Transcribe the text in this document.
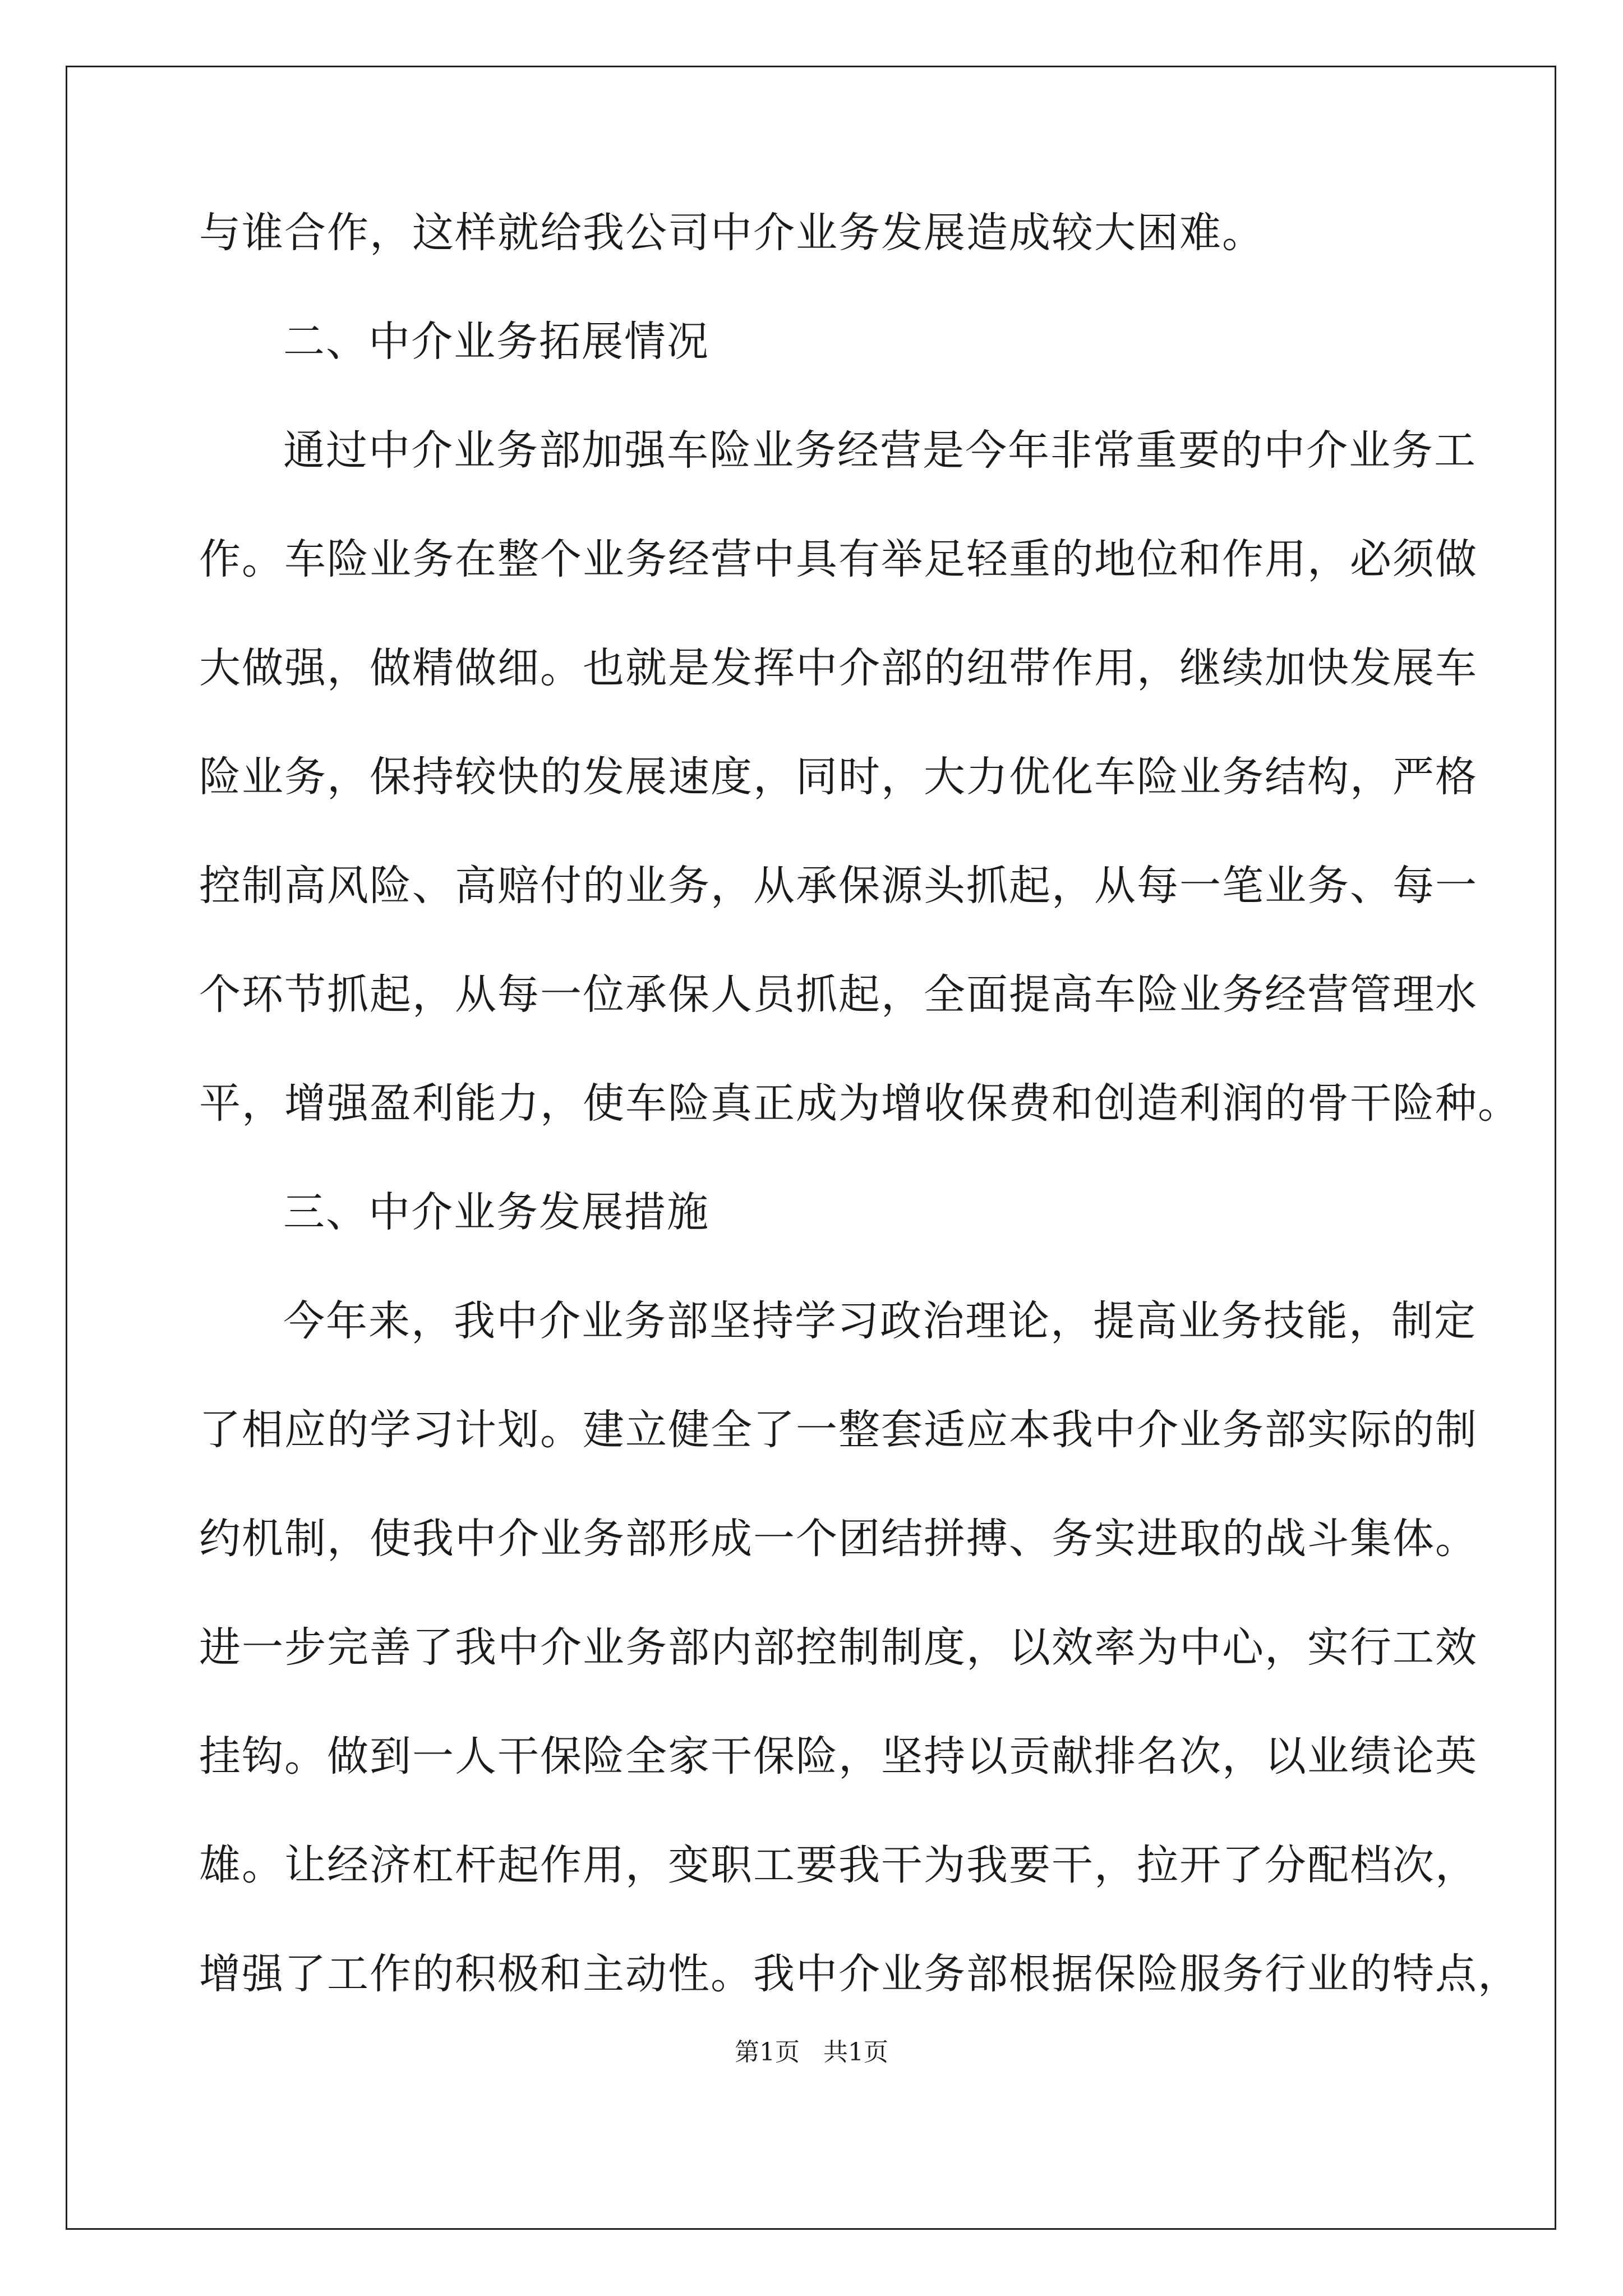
与谁合作，这样就给我公司中介业务发展造成较大困难。
二、中介业务拓展情况
通过中介业务部加强车险业务经营是今年非常重要的中介业务工
作。车险业务在整个业务经营中具有举足轻重的地位和作用，必须做
大做强，做精做细。也就是发挥中介部的纽带作用，继续加快发展车
险业务，保持较快的发展速度，同时，大力优化车险业务结构，严格
控制高风险、高赔付的业务，从承保源头抓起，从每一笔业务、每一
个环节抓起，从每一位承保人员抓起，全面提高车险业务经营管理水
平，增强盈利能力，使车险真正成为增收保费和创造利润的骨干险种。
三、中介业务发展措施
今年来，我中介业务部坚持学习政治理论，提高业务技能，制定
了相应的学习计划。建立健全了一整套适应本我中介业务部实际的制
约机制，使我中介业务部形成一个团结拼搏、务实进取的战斗集体。
进一步完善了我中介业务部内部控制制度，以效率为中心，实行工效
挂钩。做到一人干保险全家干保险，坚持以贡献排名次，以业绩论英
雄。让经济杠杆起作用，变职工要我干为我要干，拉开了分配档次，
增强了工作的积极和主动性。我中介业务部根据保险服务行业的特点，
第1页   共1页
